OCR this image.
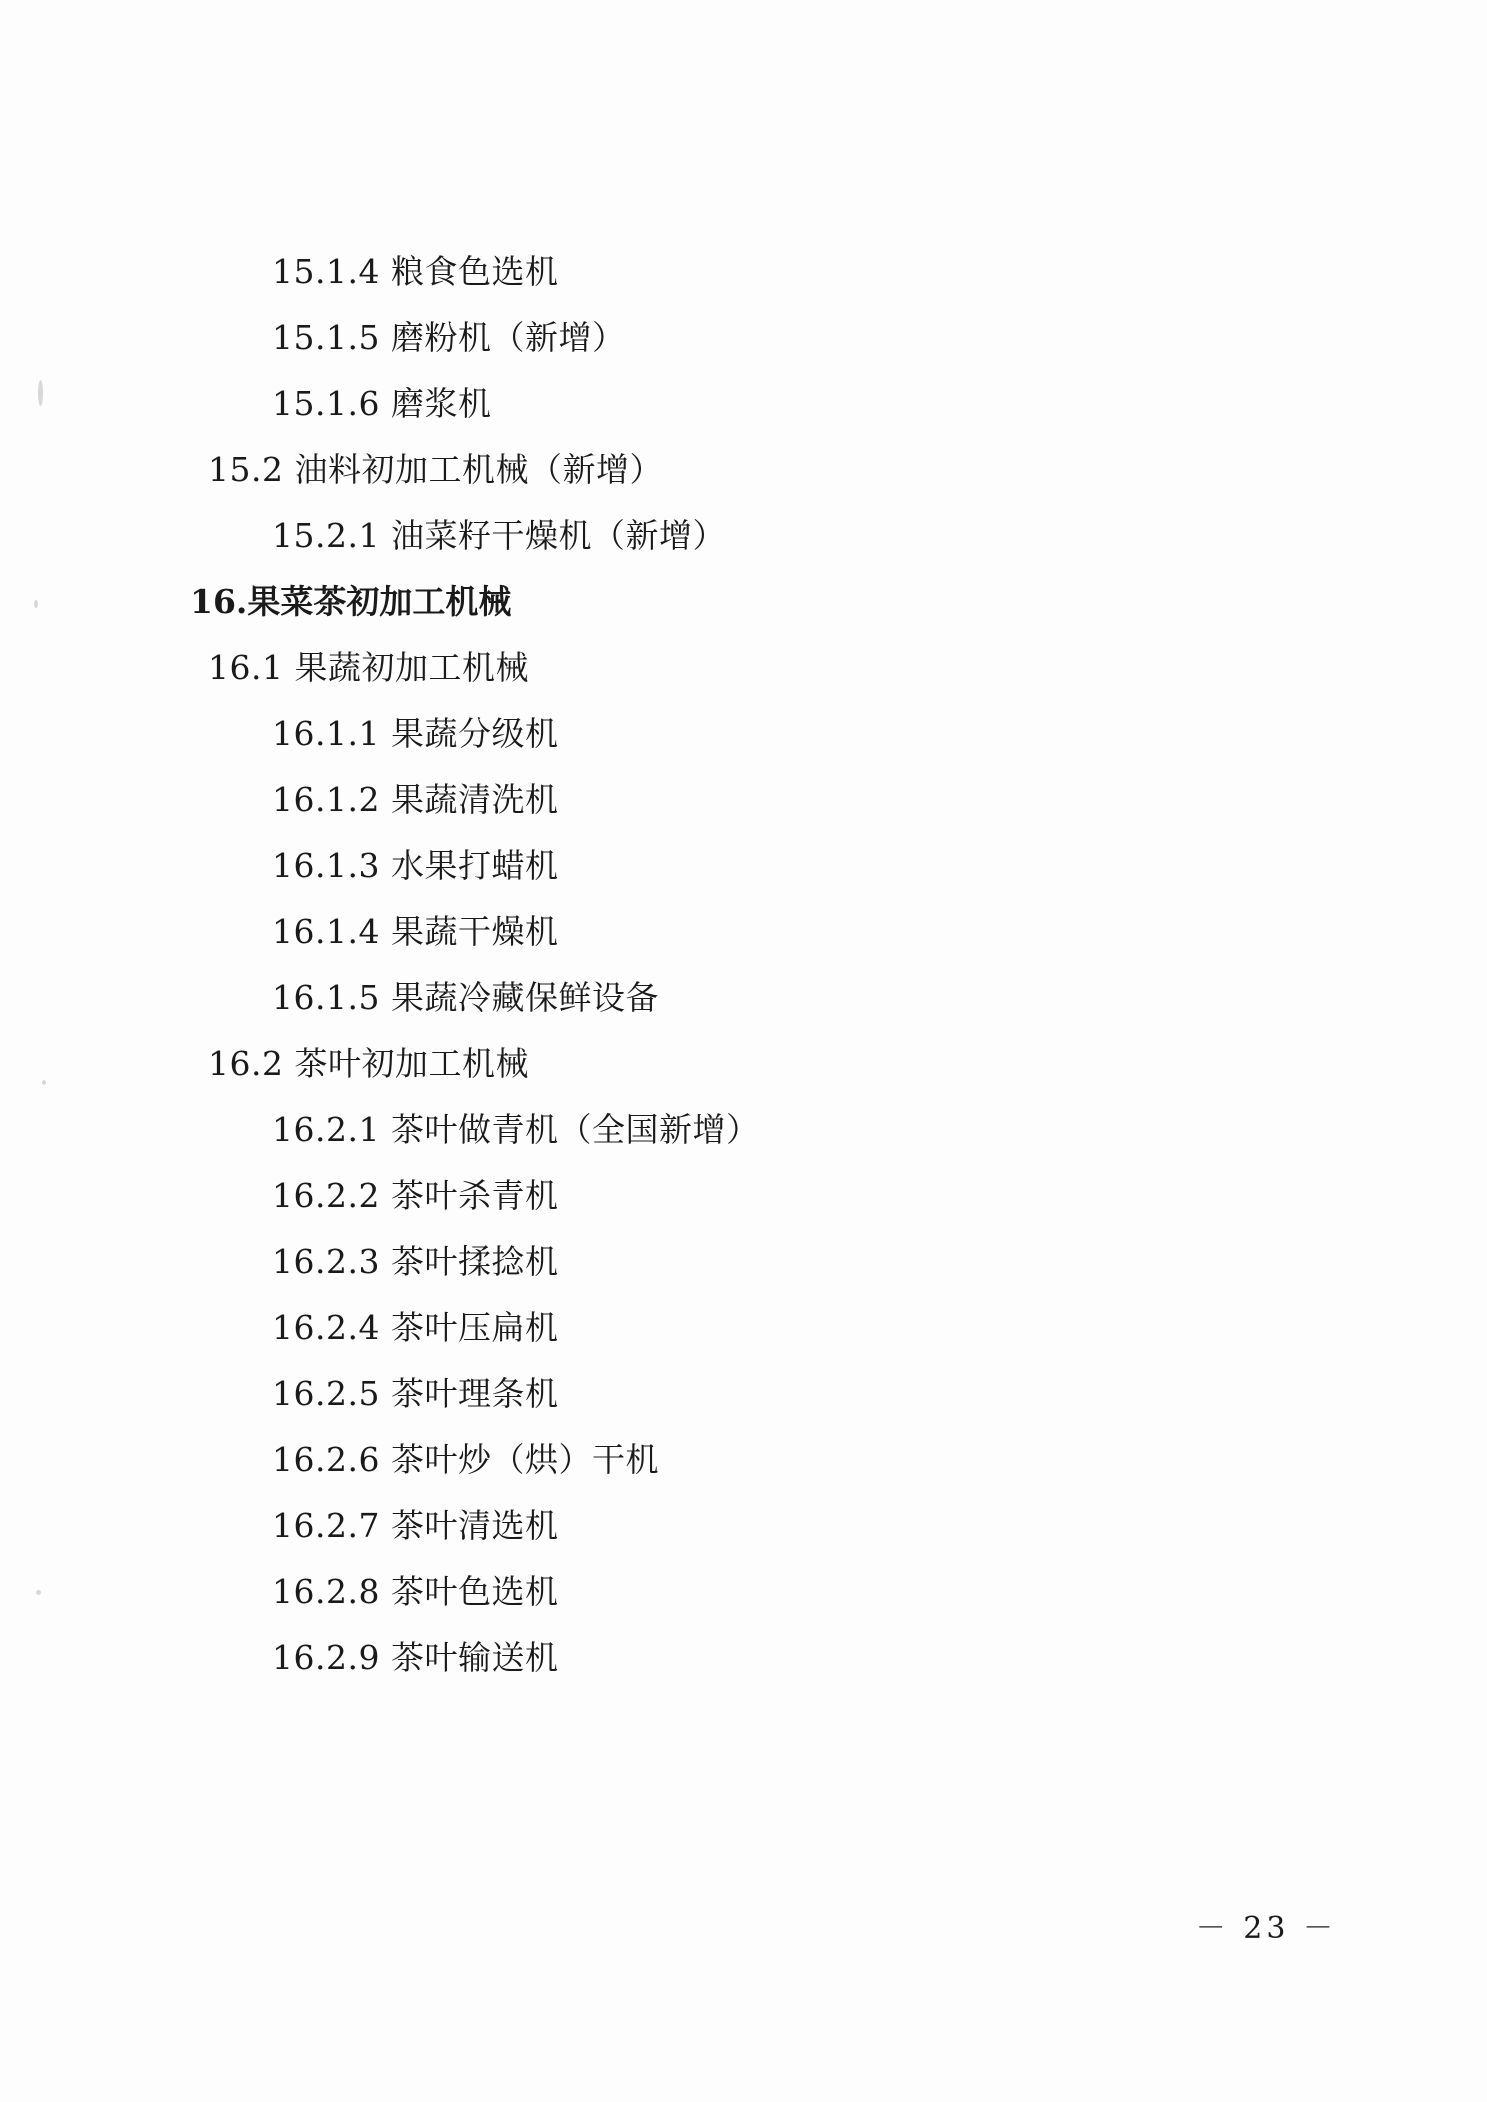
15.1.4 粮食色选机
15.1.5 磨粉机（新增）
15.1.6 磨浆机
15.2 油料初加工机械（新增）
15.2.1 油菜籽干燥机（新增）
16.果菜茶初加工机械
16.1 果蔬初加工机械
16.1.1 果蔬分级机
16.1.2 果蔬清洗机
16.1.3 水果打蜡机
16.1.4 果蔬干燥机
16.1.5 果蔬冷藏保鲜设备
16.2 茶叶初加工机械
16.2.1 茶叶做青机（全国新增）
16.2.2 茶叶杀青机
16.2.3 茶叶揉捻机
16.2.4 茶叶压扁机
16.2.5 茶叶理条机
16.2.6 茶叶炒（烘）干机
16.2.7 茶叶清选机
16.2.8 茶叶色选机
16.2.9 茶叶输送机
－ 23 －
